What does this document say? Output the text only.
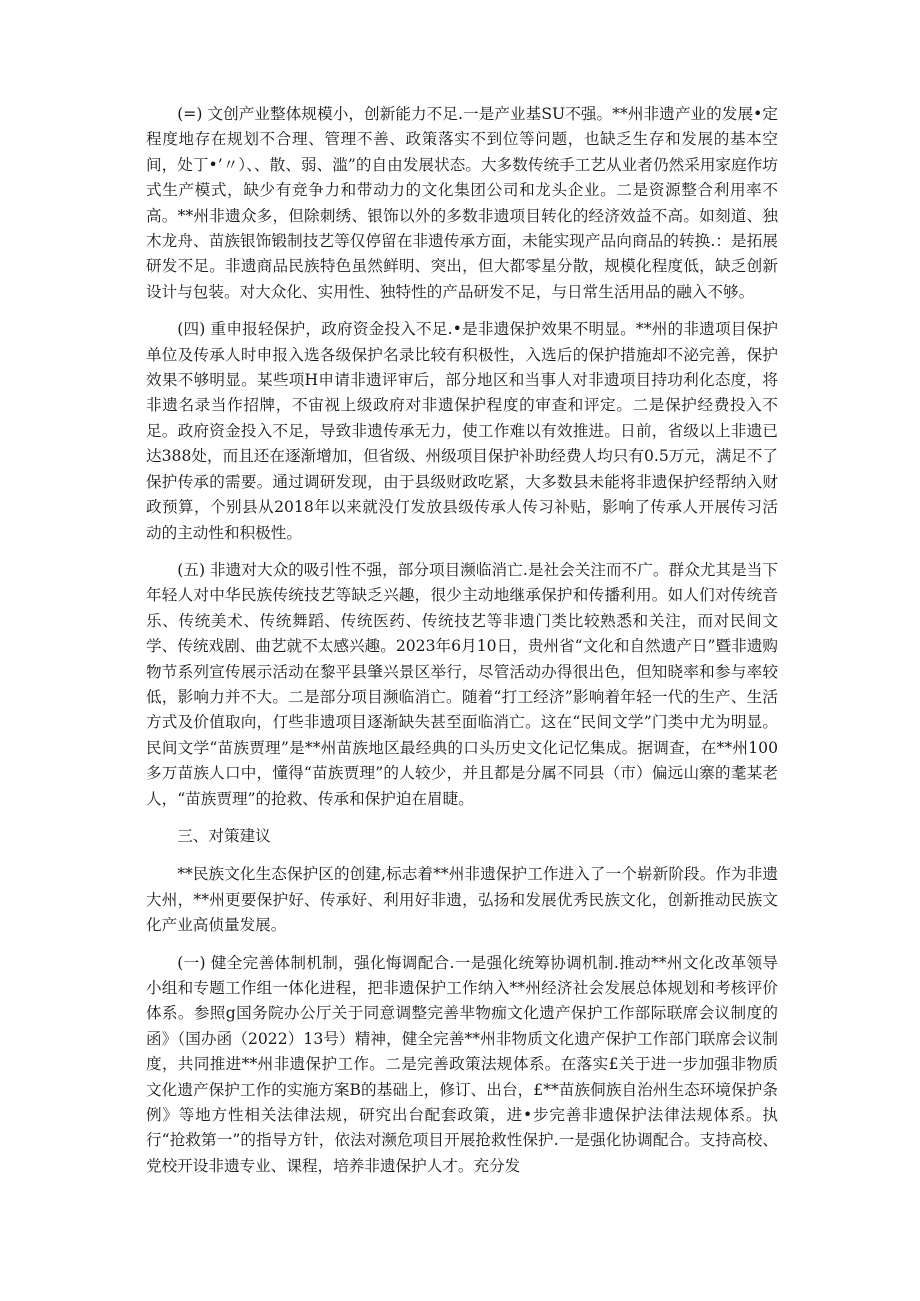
(=) 文创产业整体规模小，创新能力不足.一是产业基SU不强。**州非遗产业的发展•定程度地存在规划不合理、管理不善、政策落实不到位等问题，也缺乏生存和发展的基本空间，处丁•’〃）、、散、弱、滥”的自由发展状态。大多数传统手工艺从业者仍然采用家庭作坊式生产模式，缺少有竞争力和带动力的文化集团公司和龙头企业。二是资源整合利用率不高。**州非遗众多，但除刺绣、银饰以外的多数非遗项目转化的经济效益不高。如刻道、独木龙舟、苗族银饰锻制技艺等仅停留在非遗传承方面，未能实现产品向商品的转换.：是拓展研发不足。非遗商品民族特色虽然鲜明、突出，但大都零星分散，规模化程度低，缺乏创新设计与包装。对大众化、实用性、独特性的产品研发不足，与日常生活用品的融入不够。

(四) 重申报轻保护，政府资金投入不足.•是非遗保护效果不明显。**州的非遗项目保护单位及传承人时申报入选各级保护名录比较有积极性，入选后的保护措施却不泌完善，保护效果不够明显。某些项H申请非遗评审后，部分地区和当事人对非遗项目持功利化态度，将非遗名录当作招牌，不宙视上级政府对非遗保护程度的审查和评定。二是保护经费投入不足。政府资金投入不足，导致非遗传承无力，使工作难以有效推进。日前，省级以上非遗已达388处，而且还在逐渐增加，但省级、州级项目保护补助经费人均只有0.5万元，满足不了保护传承的需要。通过调研发现，由于县级财政吃紧，大多数县未能将非遗保护经帮纳入财政预算，个别县从2018年以来就没仃发放县级传承人传习补贴，影响了传承人开展传习活动的主动性和积极性。

(五) 非遗对大众的吸引性不强，部分项目濒临消亡.是社会关注而不广。群众尤其是当下年轻人对中华民族传统技艺等缺乏兴趣，很少主动地继承保护和传播利用。如人们对传统音乐、传统美术、传统舞蹈、传统医药、传统技艺等非遗门类比较熟悉和关注，而对民间文学、传统戏剧、曲艺就不太感兴趣。2023年6月10日，贵州省“文化和自然遗产日”暨非遗购物节系列宣传展示活动在黎平县肇兴景区举行，尽管活动办得很出色，但知晓率和参与率较低，影响力并不大。二是部分项目濒临消亡。随着“打工经济”影响着年轻一代的生产、生活方式及价值取向，仃些非遗项目逐渐缺失甚至面临消亡。这在“民间文学”门类中尤为明显。民间文学“苗族贾理”是**州苗族地区最经典的口头历史文化记忆集成。据调查，在**州100多万苗族人口中，懂得“苗族贾理”的人较少，并且都是分属不同县（市）偏远山寨的耄某老人，“苗族贾理”的抢救、传承和保护迫在眉睫。

三、对策建议

**民族文化生态保护区的创建,标志着**州非遗保护工作进入了一个崭新阶段。作为非遗大州，**州更要保护好、传承好、利用好非遗，弘扬和发展优秀民族文化，创新推动民族文化产业高侦量发展。

(一) 健全完善体制机制，强化悔调配合.一是强化统筹协调机制.推动**州文化改革领导小组和专题工作组一体化进程，把非遗保护工作纳入**州经济社会发展总体规划和考核评价体系。参照g国务院办公厅关于同意调整完善芈物痂文化遗产保护工作部际联席会议制度的函》（国办函（2022）13号）精神，健全完善**州非物质文化遗产保护工作部门联席会议制度，共同推进**州非遗保护工作。二是完善政策法规体系。在落实£关于进一步加强非物质文化遗产保护工作的实施方案B的基础上，修订、出台，£**苗族侗族自治州生态环境保护条例》等地方性相关法律法规，研究出台配套政策，进•步完善非遗保护法律法规体系。执行“抢救第一”的指导方针，依法对濒危项目开展抢救性保护.一是强化协调配合。支持高校、党校开设非遗专业、课程，培养非遗保护人才。充分发
